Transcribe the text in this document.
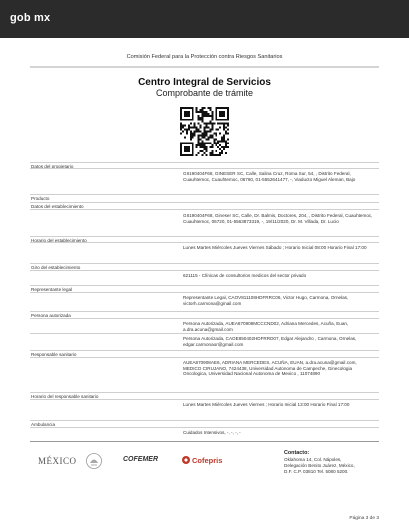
gob mx
Comisión Federal para la Protección contra Riesgos Sanitarios
Centro Integral de Servicios
Comprobante de trámite
Datos del propietario
GII190404F68, GINESER SC, Calle, Salina Cruz, Roma Sur, 54, , Distrito Federal, Cuauhtemoc, Cuauhtemoc, 06760, 01-5552641477, -, Viaducto Miguel Aleman, Bajo
Producto
Datos del establecimiento
GII190404F68, Gineser SC, Calle, Dr. Balmis, Doctores, 204, , Distrito Federal, Cuauhtemoc, Cuauhtemoc, 06720, 01-5563873319, -, 19/11/2020, Dr. M. Villada, Dr. Lucio
Horario del establecimiento
Lunes Martes Miércoles Jueves Viernes Sábado ; Horario Inicial 08:00 Horario Final 17:00
Giro del establecimiento
621115 - Clínicas de consultorios medicos del sector privado
Representante legal
Representante Legal, CAOV811108HDFRRC06, Victor Hugo, Carmona, Ornelas, victorh.carmona@gmail.com
Persona autorizada
Persona Autorizada, AUEA870908MCCCND02, Adriana Mercedes, Acuña, Euan, a.dra.acuna@gmail.com
Persona Autorizada, CAOE850402HDFRRD07, Edgar Alejandro , Carmona, Ornelas, edgar.carmonaor@gmail.com
Responsable sanitario
AUEA870908AE6, ADRIANA MERCEDES, ACUÑA, EUAN, a.dra.acuna@gmail.com, MEDICO CIRUJANO, 7424438, Universidad Autonoma de Campeche, Ginecologia Oncologica, Universidad Nacional Autonoma de Mexico , 11074890
Horario del responsable sanitario
Lunes Martes Miércoles Jueves Viernes ; Horario Inicial 13:00 Horario Final 17:00
Ambulancia
Cuidados Intensivos, -, -, -, -
MÉXICO	COFEMER	Cofepris
Contacto:
Oklahoma 14, Col. Nápoles,
Delegación Benito Juárez, México,
D.F. C.P. 03810 Tel. 5080 5200.
Página 3 de 3
